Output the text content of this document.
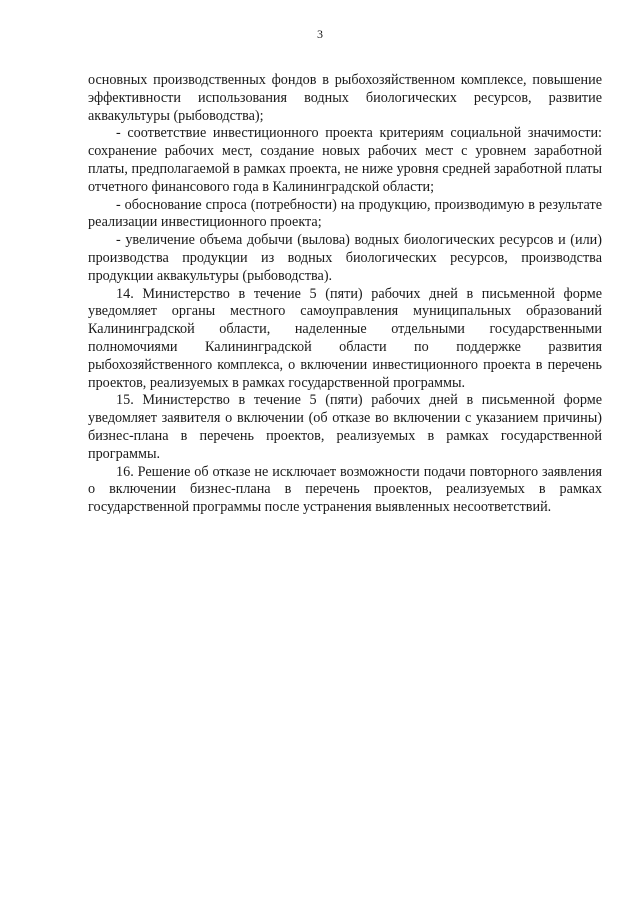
3

основных производственных фондов в рыбохозяйственном комплексе, повышение эффективности использования водных биологических ресурсов, развитие аквакультуры (рыбоводства);

- соответствие инвестиционного проекта критериям социальной значимости: сохранение рабочих мест, создание новых рабочих мест с уровнем заработной платы, предполагаемой в рамках проекта, не ниже уровня средней заработной платы отчетного финансового года в Калининградской области;

- обоснование спроса (потребности) на продукцию, производимую в результате реализации инвестиционного проекта;

- увеличение объема добычи (вылова) водных биологических ресурсов и (или) производства продукции из водных биологических ресурсов, производства продукции аквакультуры (рыбоводства).

14. Министерство в течение 5 (пяти) рабочих дней в письменной форме уведомляет органы местного самоуправления муниципальных образований Калининградской области, наделенные отдельными государственными полномочиями Калининградской области по поддержке развития рыбохозяйственного комплекса, о включении инвестиционного проекта в перечень проектов, реализуемых в рамках государственной программы.

15. Министерство в течение 5 (пяти) рабочих дней в письменной форме уведомляет заявителя о включении (об отказе во включении с указанием причины) бизнес-плана в перечень проектов, реализуемых в рамках государственной программы.

16. Решение об отказе не исключает возможности подачи повторного заявления о включении бизнес-плана в перечень проектов, реализуемых в рамках государственной программы после устранения выявленных несоответствий.
